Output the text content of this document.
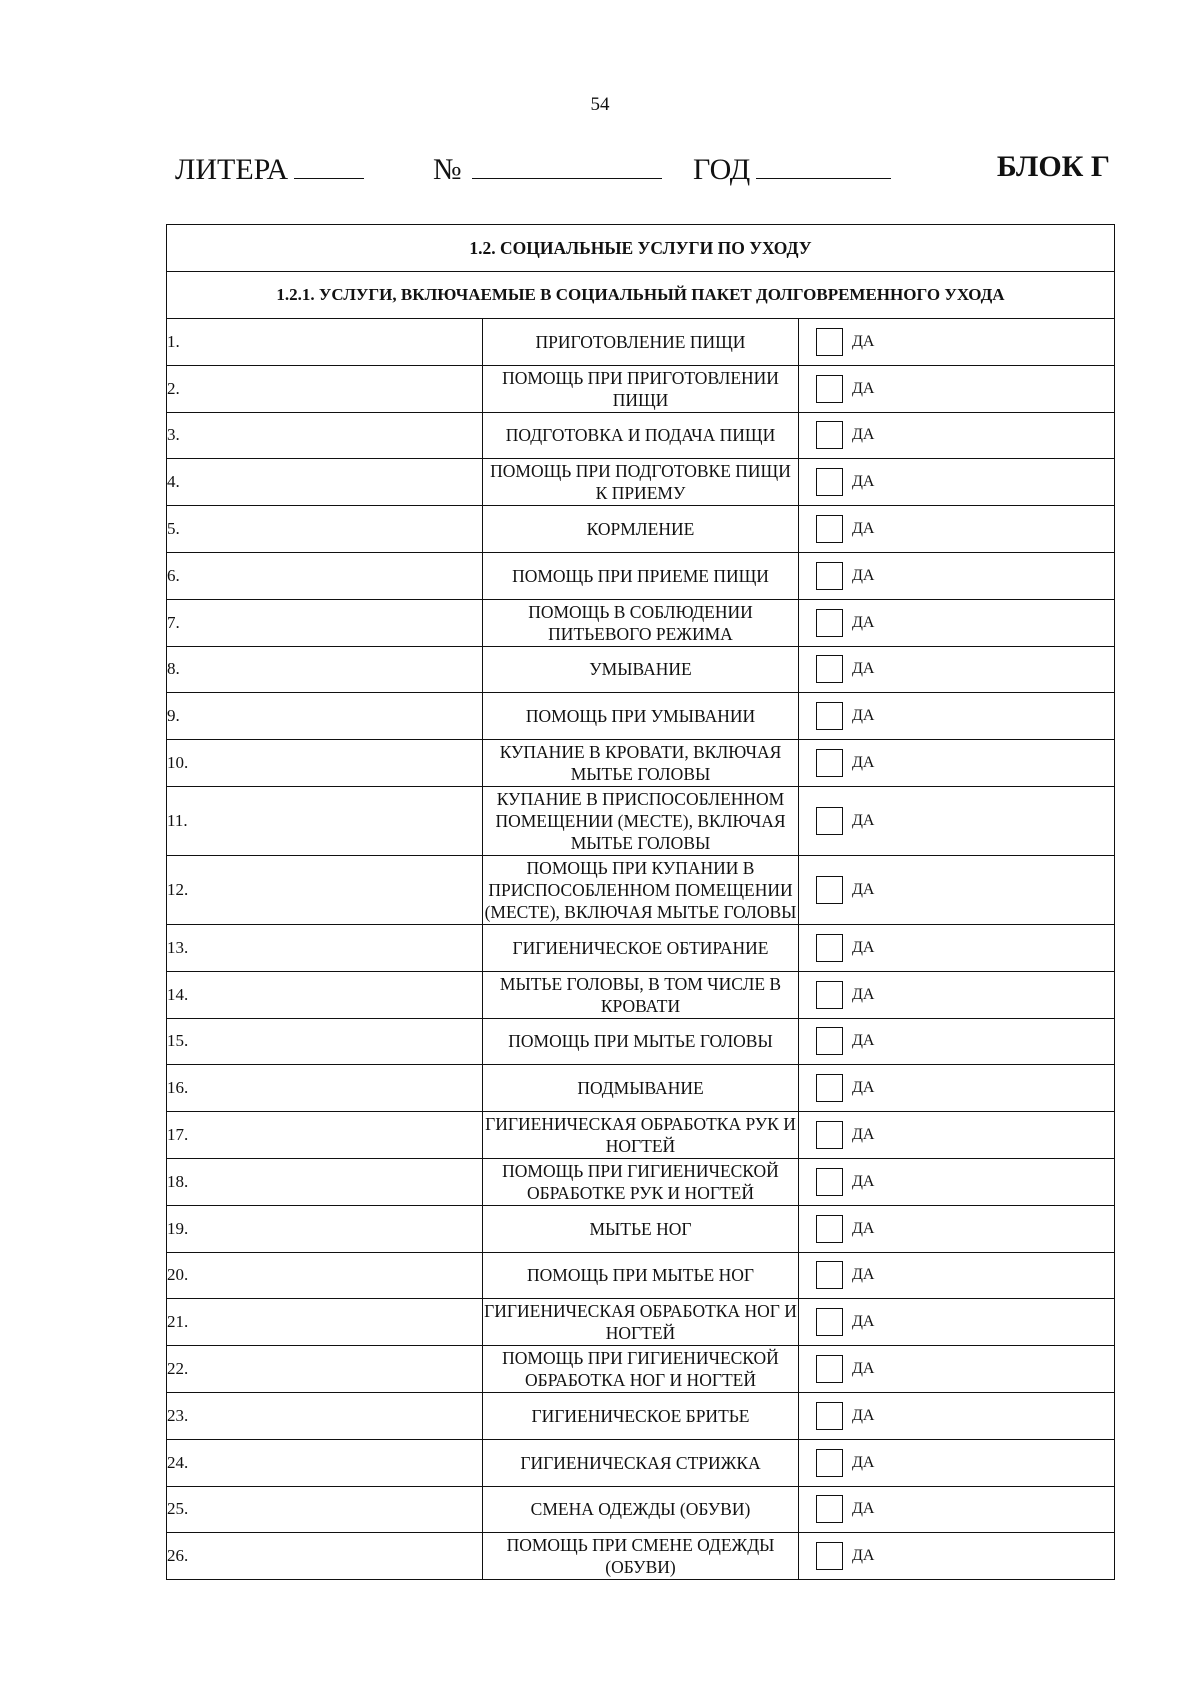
54
ЛИТЕРА	№	ГОД	БЛОК Г
1.2. СОЦИАЛЬНЫЕ УСЛУГИ ПО УХОДУ		
1.2.1. УСЛУГИ, ВКЛЮЧАЕМЫЕ В СОЦИАЛЬНЫЙ ПАКЕТ ДОЛГОВРЕМЕННОГО УХОДА		
1.	ПРИГОТОВЛЕНИЕ ПИЩИ	ДА

2.	ПОМОЩЬ ПРИ ПРИГОТОВЛЕНИИ ПИЩИ	ДА

3.	ПОДГОТОВКА И ПОДАЧА ПИЩИ	ДА

4.	ПОМОЩЬ ПРИ ПОДГОТОВКЕ ПИЩИ К ПРИЕМУ	ДА

5.	КОРМЛЕНИЕ	ДА

6.	ПОМОЩЬ ПРИ ПРИЕМЕ ПИЩИ	ДА

7.	ПОМОЩЬ В СОБЛЮДЕНИИ ПИТЬЕВОГО РЕЖИМА	ДА

8.	УМЫВАНИЕ	ДА

9.	ПОМОЩЬ ПРИ УМЫВАНИИ	ДА

10.	КУПАНИЕ В КРОВАТИ, ВКЛЮЧАЯ МЫТЬЕ ГОЛОВЫ	ДА

11.	КУПАНИЕ В ПРИСПОСОБЛЕННОМ ПОМЕЩЕНИИ (МЕСТЕ), ВКЛЮЧАЯ МЫТЬЕ ГОЛОВЫ	ДА

12.	ПОМОЩЬ ПРИ КУПАНИИ В ПРИСПОСОБЛЕННОМ ПОМЕЩЕНИИ (МЕСТЕ), ВКЛЮЧАЯ МЫТЬЕ ГОЛОВЫ	ДА

13.	ГИГИЕНИЧЕСКОЕ ОБТИРАНИЕ	ДА

14.	МЫТЬЕ ГОЛОВЫ, В ТОМ ЧИСЛЕ В КРОВАТИ	ДА

15.	ПОМОЩЬ ПРИ МЫТЬЕ ГОЛОВЫ	ДА

16.	ПОДМЫВАНИЕ	ДА

17.	ГИГИЕНИЧЕСКАЯ ОБРАБОТКА РУК И НОГТЕЙ	ДА

18.	ПОМОЩЬ ПРИ ГИГИЕНИЧЕСКОЙ ОБРАБОТКЕ РУК И НОГТЕЙ	ДА

19.	МЫТЬЕ НОГ	ДА

20.	ПОМОЩЬ ПРИ МЫТЬЕ НОГ	ДА

21.	ГИГИЕНИЧЕСКАЯ ОБРАБОТКА НОГ И НОГТЕЙ	ДА

22.	ПОМОЩЬ ПРИ ГИГИЕНИЧЕСКОЙ ОБРАБОТКА НОГ И НОГТЕЙ	ДА

23.	ГИГИЕНИЧЕСКОЕ БРИТЬЕ	ДА

24.	ГИГИЕНИЧЕСКАЯ СТРИЖКА	ДА

25.	СМЕНА ОДЕЖДЫ (ОБУВИ)	ДА

26.	ПОМОЩЬ ПРИ СМЕНЕ ОДЕЖДЫ (ОБУВИ)	ДА
